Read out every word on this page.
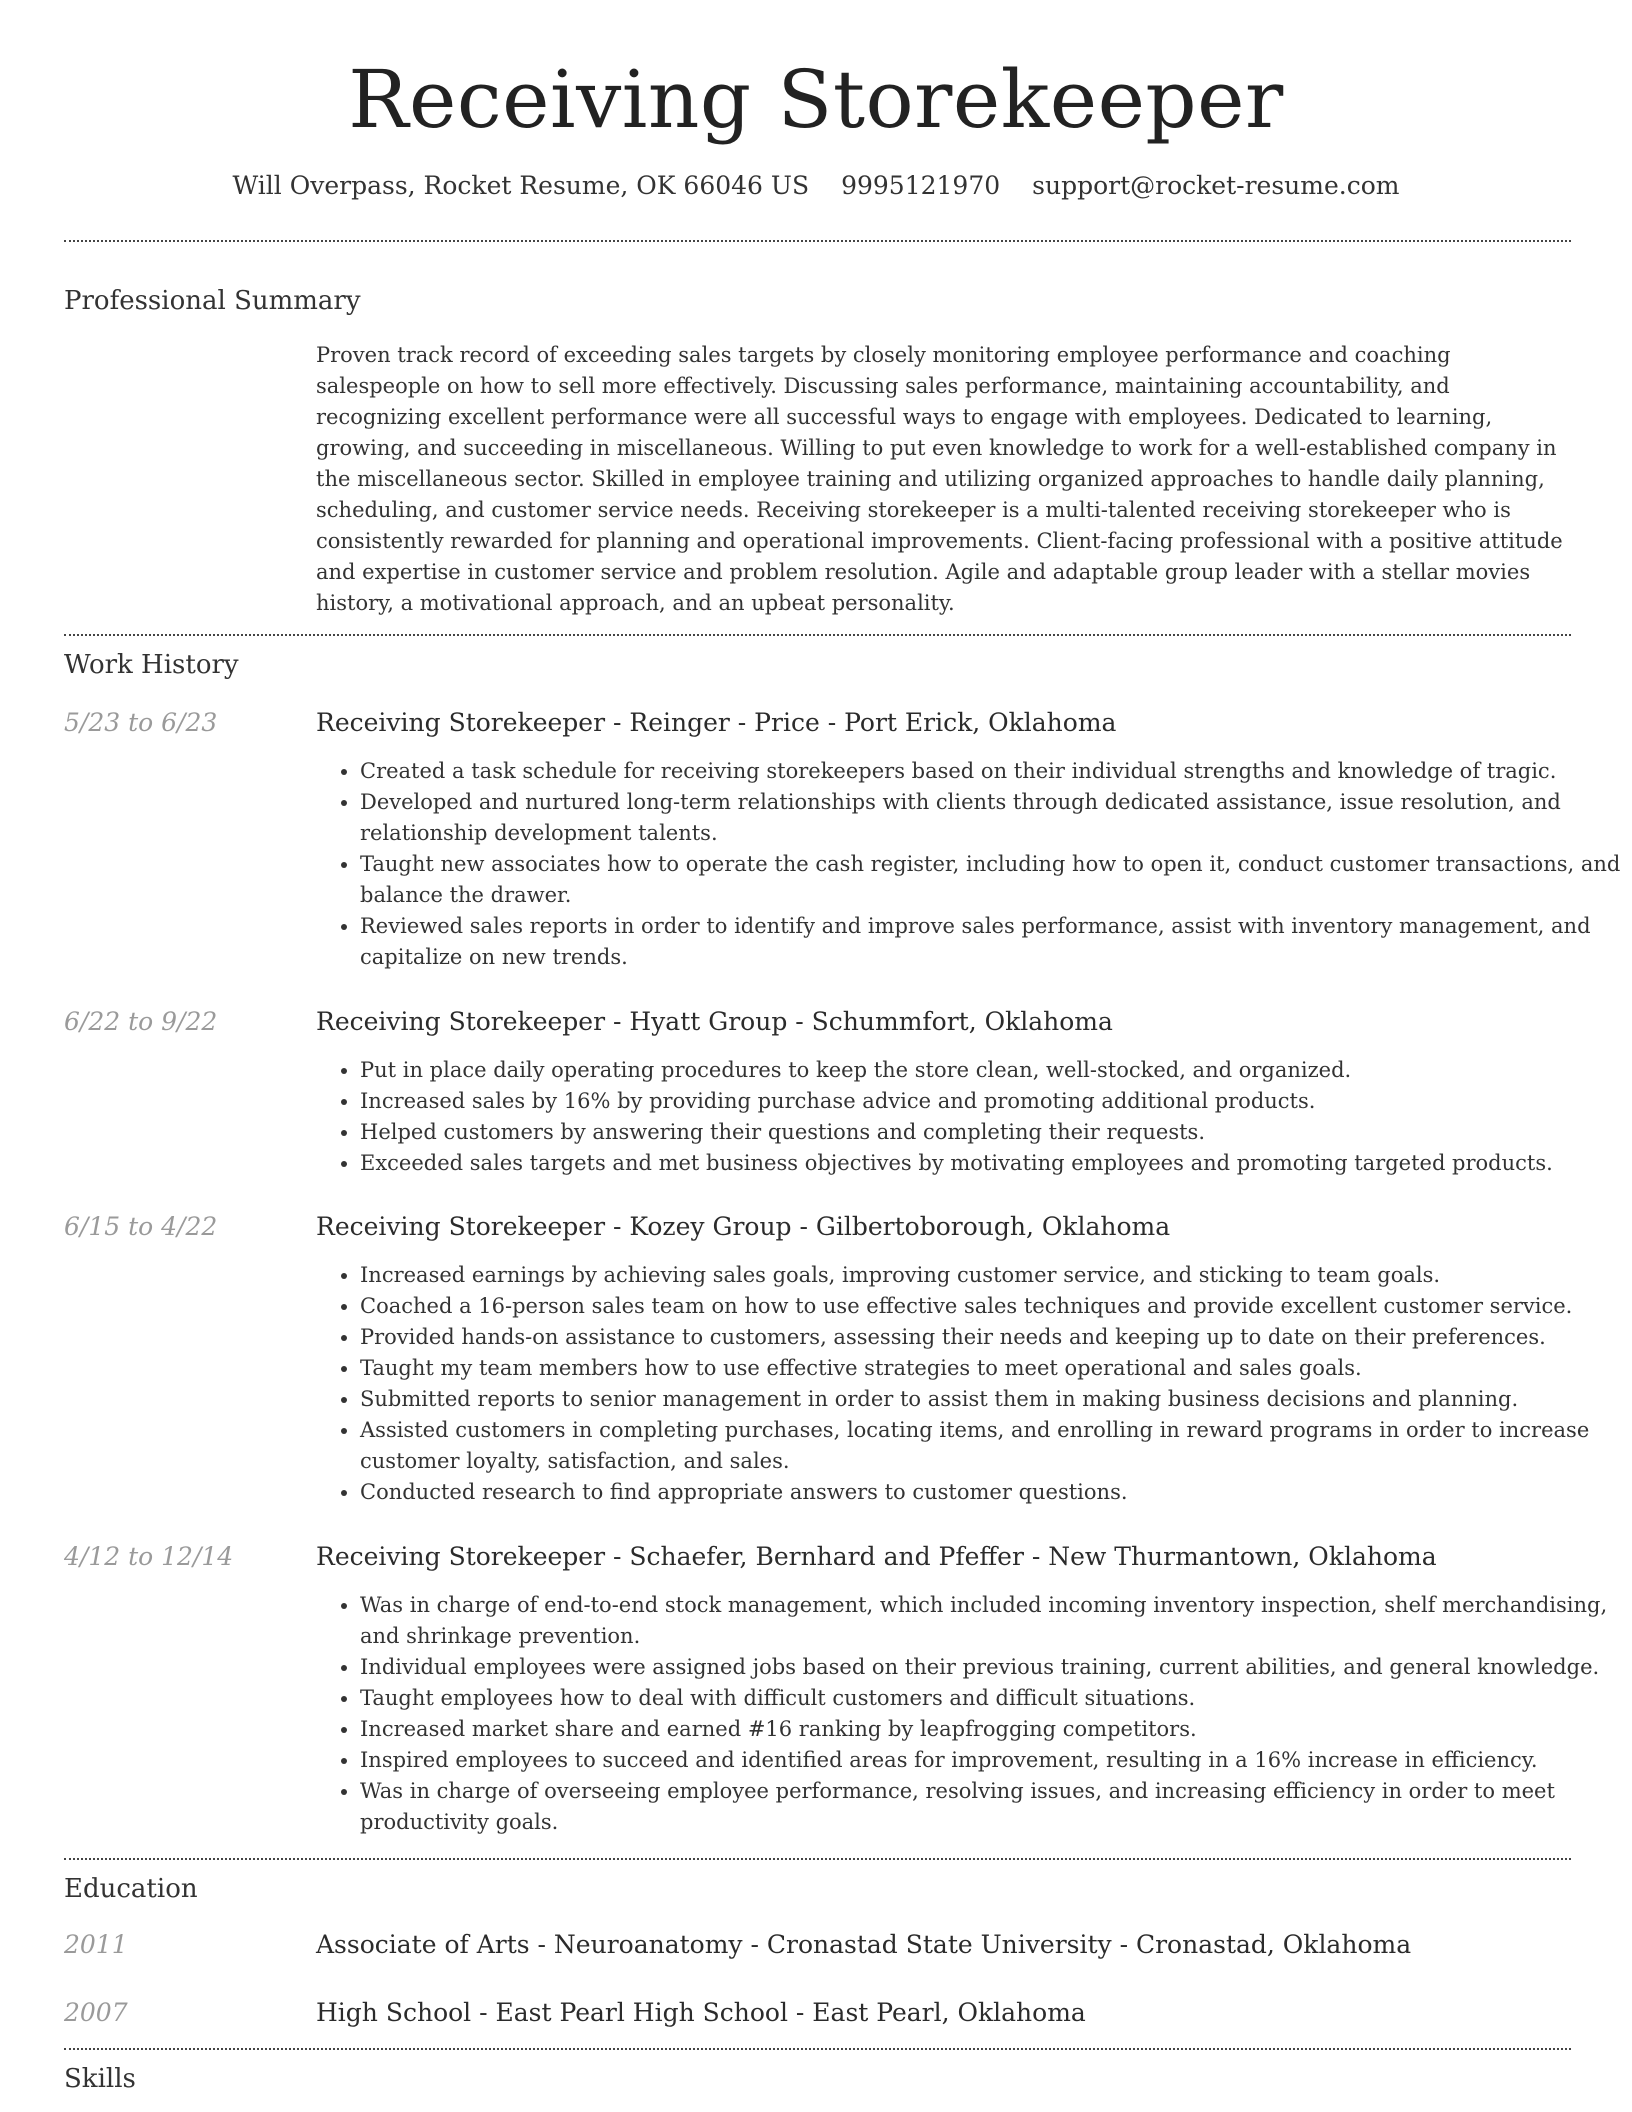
Receiving Storekeeper
Will Overpass, Rocket Resume, OK 66046 US 9995121970 support@rocket-resume.com
Professional Summary

Proven track record of exceeding sales targets by closely monitoring employee performance and coaching salespeople on how to sell more effectively. Discussing sales performance, maintaining accountability, and recognizing excellent performance were all successful ways to engage with employees. Dedicated to learning, growing, and succeeding in miscellaneous. Willing to put even knowledge to work for a well-established company in the miscellaneous sector. Skilled in employee training and utilizing organized approaches to handle daily planning, scheduling, and customer service needs. Receiving storekeeper is a multi-talented receiving storekeeper who is consistently rewarded for planning and operational improvements. Client-facing professional with a positive attitude and expertise in customer service and problem resolution. Agile and adaptable group leader with a stellar movies history, a motivational approach, and an upbeat personality.

Work History
5/23 to 6/23	Receiving Storekeeper - Reinger - Price - Port Erick, Oklahoma
• Created a task schedule for receiving storekeepers based on their individual strengths and knowledge of tragic.
• Developed and nurtured long-term relationships with clients through dedicated assistance, issue resolution, and relationship development talents.
• Taught new associates how to operate the cash register, including how to open it, conduct customer transactions, and balance the drawer.
• Reviewed sales reports in order to identify and improve sales performance, assist with inventory management, and capitalize on new trends.
6/22 to 9/22	Receiving Storekeeper - Hyatt Group - Schummfort, Oklahoma
• Put in place daily operating procedures to keep the store clean, well-stocked, and organized.
• Increased sales by 16% by providing purchase advice and promoting additional products.
• Helped customers by answering their questions and completing their requests.
• Exceeded sales targets and met business objectives by motivating employees and promoting targeted products.
6/15 to 4/22	Receiving Storekeeper - Kozey Group - Gilbertoborough, Oklahoma
• Increased earnings by achieving sales goals, improving customer service, and sticking to team goals.
• Coached a 16-person sales team on how to use effective sales techniques and provide excellent customer service.
• Provided hands-on assistance to customers, assessing their needs and keeping up to date on their preferences.
• Taught my team members how to use effective strategies to meet operational and sales goals.
• Submitted reports to senior management in order to assist them in making business decisions and planning.
• Assisted customers in completing purchases, locating items, and enrolling in reward programs in order to increase customer loyalty, satisfaction, and sales.
• Conducted research to find appropriate answers to customer questions.
4/12 to 12/14	Receiving Storekeeper - Schaefer, Bernhard and Pfeffer - New Thurmantown, Oklahoma
• Was in charge of end-to-end stock management, which included incoming inventory inspection, shelf merchandising, and shrinkage prevention.
• Individual employees were assigned jobs based on their previous training, current abilities, and general knowledge.
• Taught employees how to deal with difficult customers and difficult situations.
• Increased market share and earned #16 ranking by leapfrogging competitors.
• Inspired employees to succeed and identified areas for improvement, resulting in a 16% increase in efficiency.
• Was in charge of overseeing employee performance, resolving issues, and increasing efficiency in order to meet productivity goals.
Education
2011	Associate of Arts - Neuroanatomy - Cronastad State University - Cronastad, Oklahoma
2007	High School - East Pearl High School - East Pearl, Oklahoma
Skills
